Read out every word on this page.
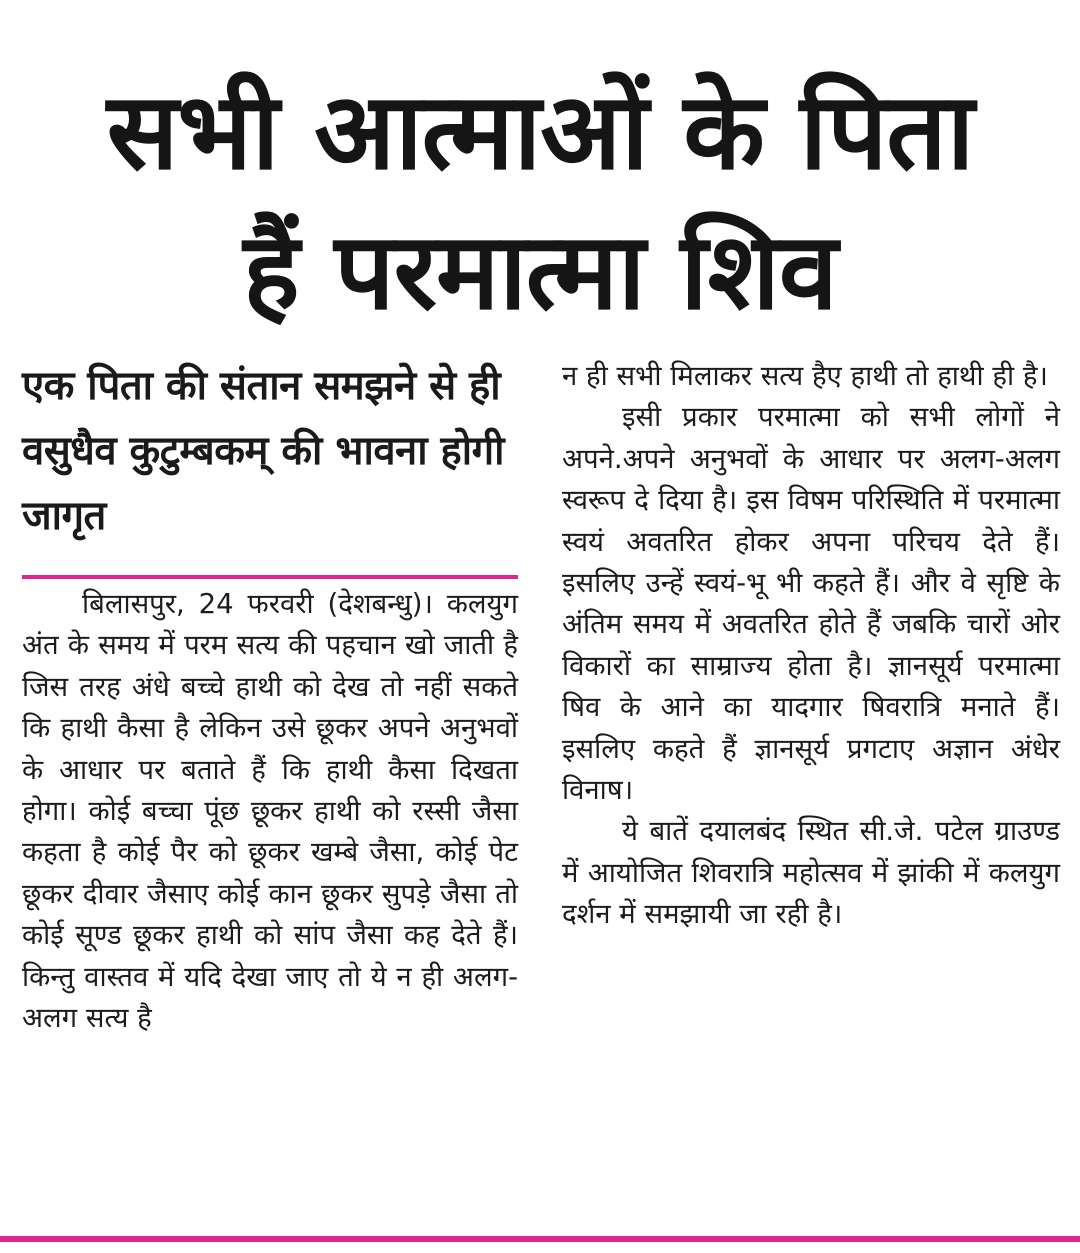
सभी आत्माओं के पिता
हैं परमात्मा शिव
एक पिता की संतान समझने से ही वसुधैव कुटुम्बकम् की भावना होगी जागृत

बिलासपुर, 24 फरवरी (देशबन्धु)। कलयुग अंत के समय में परम सत्य की पहचान खो जाती है जिस तरह अंधे बच्चे हाथी को देख तो नहीं सकते कि हाथी कैसा है लेकिन उसे छूकर अपने अनुभवों के आधार पर बताते हैं कि हाथी कैसा दिखता होगा। कोई बच्चा पूंछ छूकर हाथी को रस्सी जैसा कहता है कोई पैर को छूकर खम्बे जैसा, कोई पेट छूकर दीवार जैसाए कोई कान छूकर सुपड़े जैसा तो कोई सूण्ड छूकर हाथी को सांप जैसा कह देते हैं। किन्तु वास्तव में यदि देखा जाए तो ये न ही अलग-अलग सत्य है

न ही सभी मिलाकर सत्य हैए हाथी तो हाथी ही है।

इसी प्रकार परमात्मा को सभी लोगों ने अपने.अपने अनुभवों के आधार पर अलग-अलग स्वरूप दे दिया है। इस विषम परिस्थिति में परमात्मा स्वयं अवतरित होकर अपना परिचय देते हैं। इसलिए उन्हें स्वयं-भू भी कहते हैं। और वे सृष्टि के अंतिम समय में अवतरित होते हैं जबकि चारों ओर विकारों का साम्राज्य होता है। ज्ञानसूर्य परमात्मा षिव के आने का यादगार षिवरात्रि मनाते हैं। इसलिए कहते हैं ज्ञानसूर्य प्रगटाए अज्ञान अंधेर विनाष।

ये बातें दयालबंद स्थित सी.जे. पटेल ग्राउण्ड में आयोजित शिवरात्रि महोत्सव में झांकी में कलयुग दर्शन में समझायी जा रही है।
